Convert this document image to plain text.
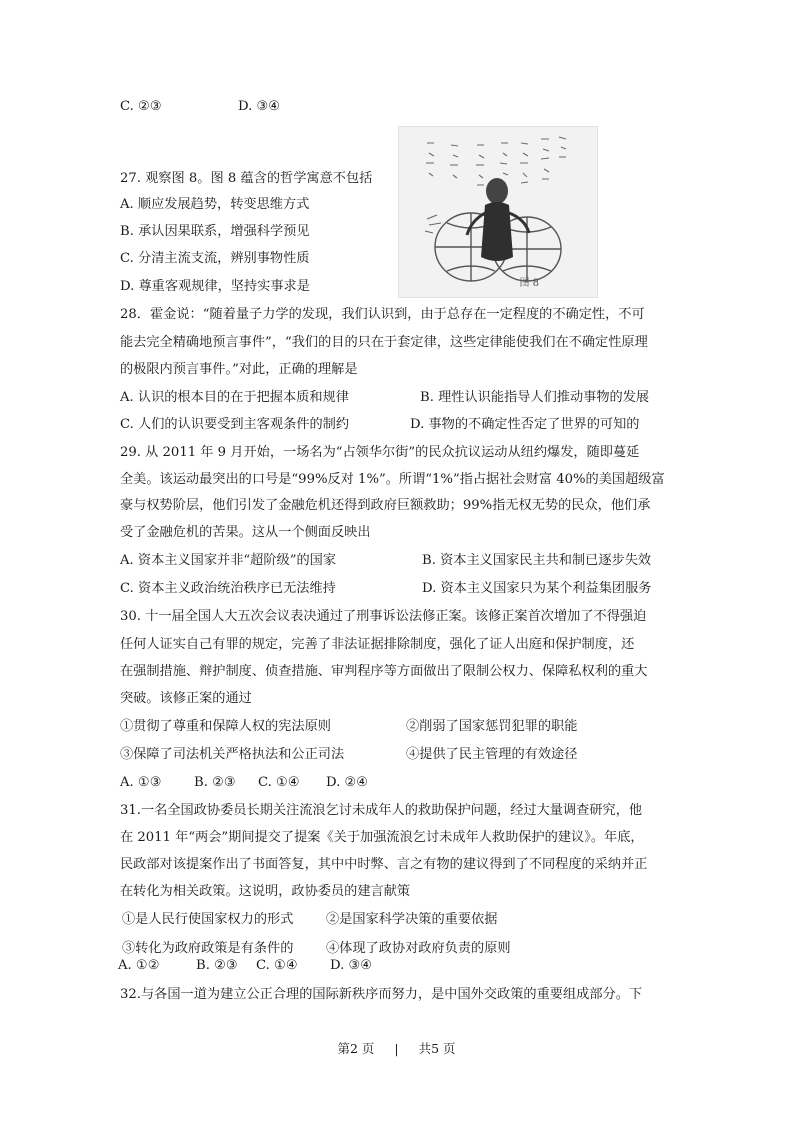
C. ②③	D. ③④
27. 观察图 8。图 8 蕴含的哲学寓意不包括
A. 顺应发展趋势，转变思维方式
B. 承认因果联系，增强科学预见
C. 分清主流支流，辨别事物性质
D. 尊重客观规律，坚持实事求是	图 8
28．霍金说：“随着量子力学的发现，我们认识到，由于总存在一定程度的不确定性，不可
能去完全精确地预言事件”，“我们的目的只在于套定律，这些定律能使我们在不确定性原理
的极限内预言事件。”对此，正确的理解是
A. 认识的根本目的在于把握本质和规律	B. 理性认识能指导人们推动事物的发展
C. 人们的认识要受到主客观条件的制约	D. 事物的不确定性否定了世界的可知的
29. 从 2011 年 9 月开始，一场名为“占领华尔街”的民众抗议运动从纽约爆发，随即蔓延
全美。该运动最突出的口号是“99%反对 1%”。所谓“1%”指占据社会财富 40%的美国超级富
豪与权势阶层，他们引发了金融危机还得到政府巨额救助；99%指无权无势的民众，他们承
受了金融危机的苦果。这从一个侧面反映出
A. 资本主义国家并非“超阶级”的国家	B. 资本主义国家民主共和制已逐步失效
C. 资本主义政治统治秩序已无法维持	D. 资本主义国家只为某个利益集团服务
30. 十一届全国人大五次会议表决通过了刑事诉讼法修正案。该修正案首次增加了不得强迫
任何人证实自己有罪的规定，完善了非法证据排除制度，强化了证人出庭和保护制度，还
在强制措施、辩护制度、侦查措施、审判程序等方面做出了限制公权力、保障私权利的重大
突破。该修正案的通过
①贯彻了尊重和保障人权的宪法原则	②削弱了国家惩罚犯罪的职能
③保障了司法机关严格执法和公正司法	④提供了民主管理的有效途径
A. ①③ B. ②③ C. ①④ D. ②④
31.一名全国政协委员长期关注流浪乞讨未成年人的救助保护问题，经过大量调查研究，他
在 2011 年“两会”期间提交了提案《关于加强流浪乞讨未成年人救助保护的建议》。年底，
民政部对该提案作出了书面答复，其中中时弊、言之有物的建议得到了不同程度的采纳并正
在转化为相关政策。这说明，政协委员的建言献策
①是人民行使国家权力的形式 ②是国家科学决策的重要依据
③转化为政府政策是有条件的 ④体现了政协对政府负责的原则
A. ①②	B. ②③ C. ①④ D. ③④
32.与各国一道为建立公正合理的国际新秩序而努力，是中国外交政策的重要组成部分。下
第2 页 | 共5 页
